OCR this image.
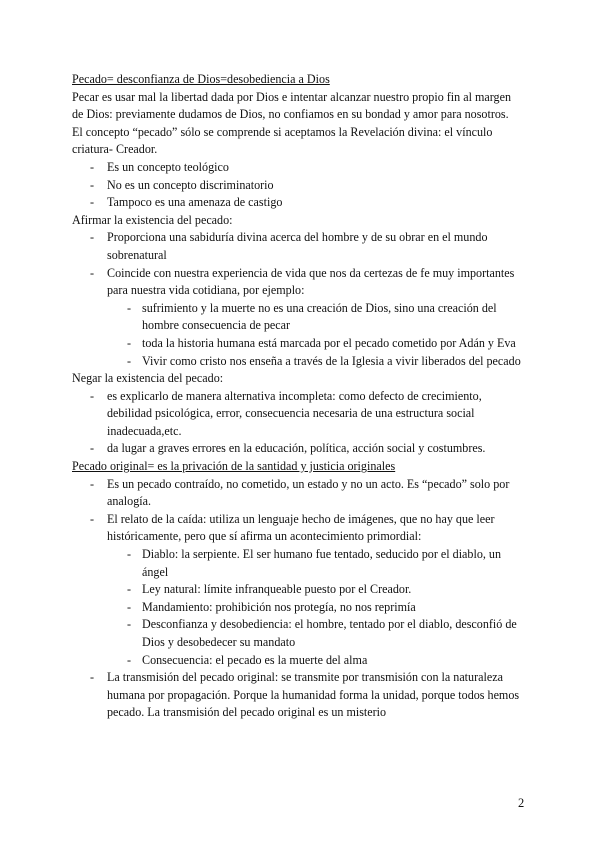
Pecado= desconfianza de Dios=desobediencia a Dios

Pecar es usar mal la libertad dada por Dios e intentar alcanzar nuestro propio fin al margen de Dios: previamente dudamos de Dios, no confiamos en su bondad y amor para nosotros.

El concepto “pecado” sólo se comprende si aceptamos la Revelación divina: el vínculo criatura- Creador.

- Es un concepto teológico
- No es un concepto discriminatorio
- Tampoco es una amenaza de castigo

Afirmar la existencia del pecado:

- Proporciona una sabiduría divina acerca del hombre y de su obrar en el mundo sobrenatural
- Coincide con nuestra experiencia de vida que nos da certezas de fe muy importantes para nuestra vida cotidiana, por ejemplo:
- sufrimiento y la muerte no es una creación de Dios, sino una creación del hombre consecuencia de pecar
- toda la historia humana está marcada por el pecado cometido por Adán y Eva
- Vivir como cristo nos enseña a través de la Iglesia a vivir liberados del pecado

Negar la existencia del pecado:

- es explicarlo de manera alternativa incompleta: como defecto de crecimiento, debilidad psicológica, error, consecuencia necesaria de una estructura social inadecuada,etc.
- da lugar a graves errores en la educación, política, acción social y costumbres.

Pecado original= es la privación de la santidad y justicia originales

- Es un pecado contraído, no cometido, un estado y no un acto. Es “pecado” solo por analogía.
- El relato de la caída: utiliza un lenguaje hecho de imágenes, que no hay que leer históricamente, pero que sí afirma un acontecimiento primordial:
- Diablo: la serpiente. El ser humano fue tentado, seducido por el diablo, un ángel
- Ley natural: límite infranqueable puesto por el Creador.
- Mandamiento: prohibición nos protegía, no nos reprimía
- Desconfianza y desobediencia: el hombre, tentado por el diablo, desconfió de Dios y desobedecer su mandato
- Consecuencia: el pecado es la muerte del alma
- La transmisión del pecado original: se transmite por transmisión con la naturaleza humana por propagación. Porque la humanidad forma la unidad, porque todos hemos pecado. La transmisión del pecado original es un misterio
2
